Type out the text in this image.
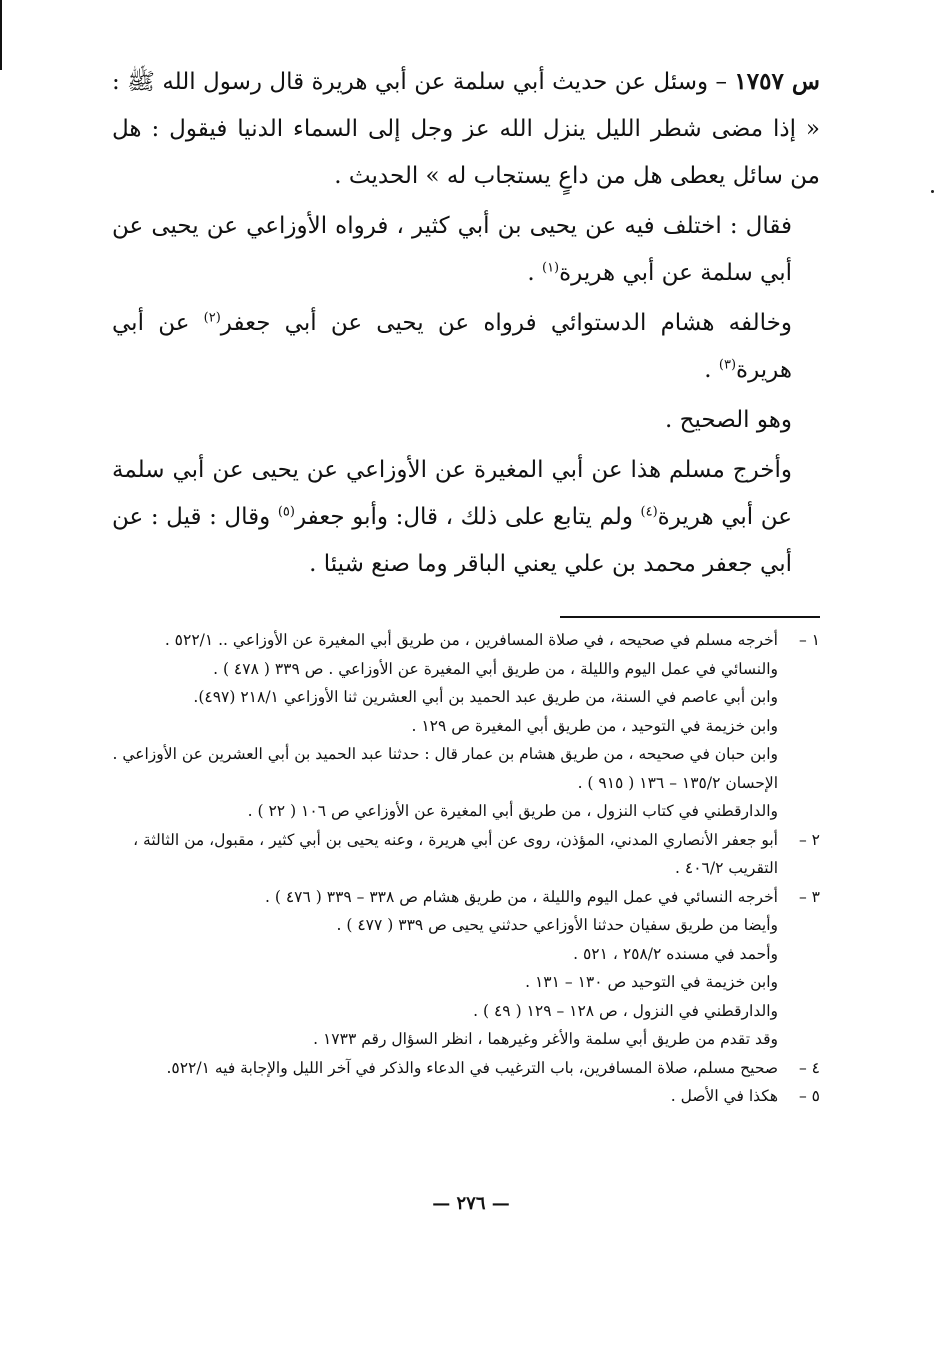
س ١٧٥٧ – وسئل عن حديث أبي سلمة عن أبي هريرة قال رسول الله ﷺ : « إذا مضى شطر الليل ينزل الله عز وجل إلى السماء الدنيا فيقول : هل من سائل يعطى هل من داعٍ يستجاب له » الحديث .

فقال : اختلف فيه عن يحيى بن أبي كثير ، فرواه الأوزاعي عن يحيى عن أبي سلمة عن أبي هريرة$^{(١)}$ .

وخالفه هشام الدستوائي فرواه عن يحيى عن أبي جعفر$^{(٢)}$ عن أبي هريرة$^{(٣)}$ .

وهو الصحيح .

وأخرج مسلم هذا عن أبي المغيرة عن الأوزاعي عن يحيى عن أبي سلمة عن أبي هريرة$^{(٤)}$ ولم يتابع على ذلك ، قال: وأبو جعفر$^{(٥)}$ وقال : قيل : عن أبي جعفر محمد بن علي يعني الباقر وما صنع شيئا .

١ –
أخرجه مسلم في صحيحه ، في صلاة المسافرين ، من طريق أبي المغيرة عن الأوزاعي .. ٥٢٢/١ .
والنسائي في عمل اليوم والليلة ، من طريق أبي المغيرة عن الأوزاعي . ص ٣٣٩ ( ٤٧٨ ) .
وابن أبي عاصم في السنة، من طريق عبد الحميد بن أبي العشرين ثنا الأوزاعي ٢١٨/١ (٤٩٧).
وابن خزيمة في التوحيد ، من طريق أبي المغيرة ص ١٢٩ .
وابن حبان في صحيحه ، من طريق هشام بن عمار قال : حدثنا عبد الحميد بن أبي العشرين عن الأوزاعي . الإحسان ١٣٥/٢ – ١٣٦ ( ٩١٥ ) .
والدارقطني في كتاب النزول ، من طريق أبي المغيرة عن الأوزاعي ص ١٠٦ ( ٢٢ ) .
٢ –
أبو جعفر الأنصاري المدني، المؤذن، روى عن أبي هريرة ، وعنه يحيى بن أبي كثير ، مقبول، من الثالثة ، التقريب ٤٠٦/٢ .
٣ –
أخرجه النسائي في عمل اليوم والليلة ، من طريق هشام ص ٣٣٨ – ٣٣٩ ( ٤٧٦ ) .
وأيضا من طريق سفيان حدثنا الأوزاعي حدثني يحيى ص ٣٣٩ ( ٤٧٧ ) .
وأحمد في مسنده ٢٥٨/٢ ، ٥٢١ .
وابن خزيمة في التوحيد ص ١٣٠ – ١٣١ .
والدارقطني في النزول ، ص ١٢٨ – ١٢٩ ( ٤٩ ) .
وقد تقدم من طريق أبي سلمة والأغر وغيرهما ، انظر السؤال رقم ١٧٣٣ .
٤ –
صحيح مسلم، صلاة المسافرين، باب الترغيب في الدعاء والذكر في آخر الليل والإجابة فيه ٥٢٢/١.
٥ –
هكذا في الأصل .
— ٢٧٦ —
